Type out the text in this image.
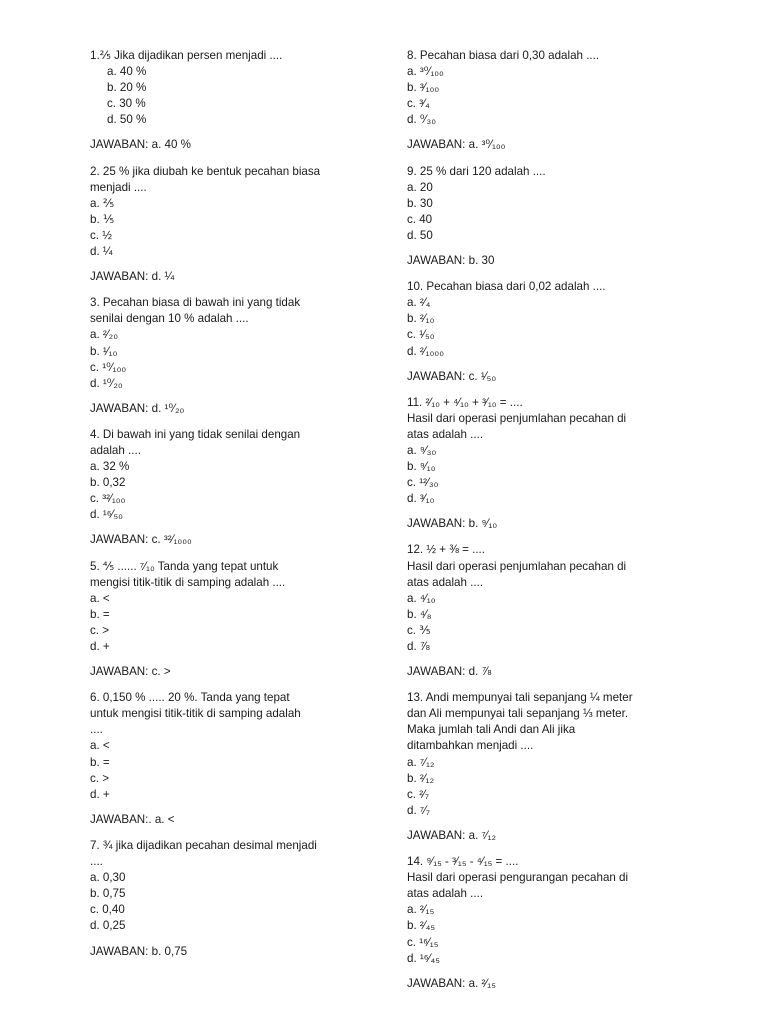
1.⅖ Jika dijadikan persen menjadi ....
a. 40 %
b. 20 %
c. 30 %
d. 50 %
JAWABAN: a. 40 %
2. 25 % jika diubah ke bentuk pecahan biasa
menjadi ....
a. ⅖
b. ⅕
c. ½
d. ¼
JAWABAN: d. ¼
3. Pecahan biasa di bawah ini yang tidak
senilai dengan 10 % adalah ....
a. ²⁄₂₀
b. ¹⁄₁₀
c. ¹⁰⁄₁₀₀
d. ¹⁰⁄₂₀
JAWABAN: d. ¹⁰⁄₂₀
4. Di bawah ini yang tidak senilai dengan
adalah ....
a. 32 %
b. 0,32
c. ³²⁄₁₀₀
d. ¹⁶⁄₅₀
JAWABAN: c. ³²⁄₁₀₀₀
5. ⅘ ...... ⁷⁄₁₀ Tanda yang tepat untuk
mengisi titik-titik di samping adalah ....
a. <
b. =
c. >
d. +
JAWABAN: c. >
6. 0,150 % ..... 20 %. Tanda yang tepat
untuk mengisi titik-titik di samping adalah
....
a. <
b. =
c. >
d. +
JAWABAN:. a. <
7. ¾ jika dijadikan pecahan desimal menjadi
....
a. 0,30
b. 0,75
c. 0,40
d. 0,25
JAWABAN: b. 0,75
8. Pecahan biasa dari 0,30 adalah ....
a. ³⁰⁄₁₀₀
b. ³⁄₁₀₀
c. ³⁄₄
d. ⁰⁄₃₀
JAWABAN: a. ³⁰⁄₁₀₀
9. 25 % dari 120 adalah ....
a. 20
b. 30
c. 40
d. 50
JAWABAN: b. 30
10. Pecahan biasa dari 0,02 adalah ....
a. ²⁄₄
b. ²⁄₁₀
c. ¹⁄₅₀
d. ²⁄₁₀₀₀
JAWABAN: c. ¹⁄₅₀
11. ²⁄₁₀ + ⁴⁄₁₀ + ³⁄₁₀ = ....
Hasil dari operasi penjumlahan pecahan di
atas adalah ....
a. ⁹⁄₃₀
b. ⁹⁄₁₀
c. ¹²⁄₃₀
d. ³⁄₁₀
JAWABAN: b. ⁹⁄₁₀
12. ½ + ⅜ = ....
Hasil dari operasi penjumlahan pecahan di
atas adalah ....
a. ⁴⁄₁₀
b. ⁴⁄₈
c. ⅗
d. ⅞
JAWABAN: d. ⅞
13. Andi mempunyai tali sepanjang ¼ meter
dan Ali mempunyai tali sepanjang ⅓ meter.
Maka jumlah tali Andi dan Ali jika
ditambahkan menjadi ....
a. ⁷⁄₁₂
b. ²⁄₁₂
c. ²⁄₇
d. ⁷⁄₇
JAWABAN: a. ⁷⁄₁₂
14. ⁹⁄₁₅ - ³⁄₁₅ - ⁴⁄₁₅ = ....
Hasil dari operasi pengurangan pecahan di
atas adalah ....
a. ²⁄₁₅
b. ²⁄₄₅
c. ¹⁶⁄₁₅
d. ¹⁶⁄₄₅
JAWABAN: a. ²⁄₁₅
